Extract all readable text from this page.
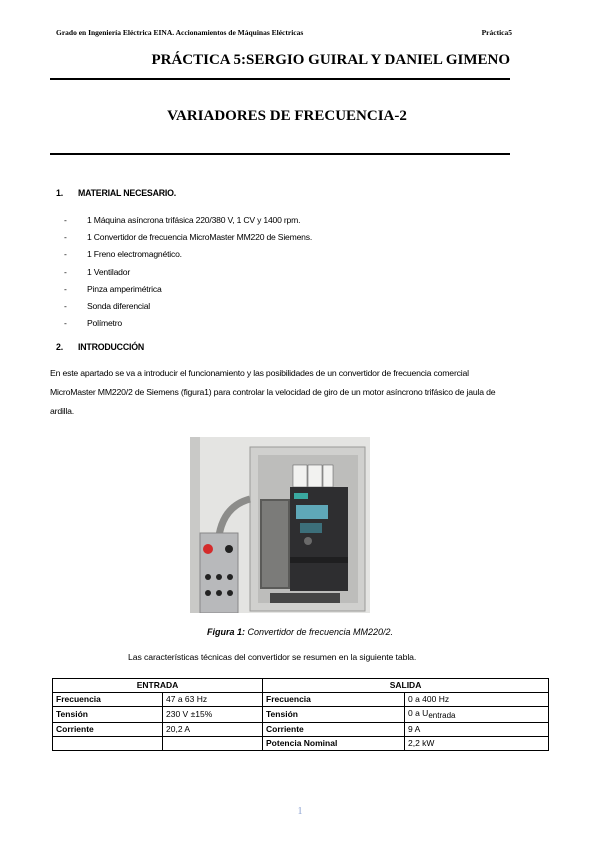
Grado en Ingeniería Eléctrica EINA. Accionamientos de Máquinas Eléctricas	Práctica5
PRÁCTICA 5:SERGIO GUIRAL Y DANIEL GIMENO
VARIADORES DE FRECUENCIA-2
1. MATERIAL NECESARIO.
- 1 Máquina asíncrona trifásica 220/380 V, 1 CV y 1400 rpm.
- 1 Convertidor de frecuencia MicroMaster MM220 de Siemens.
- 1 Freno electromagnético.
- 1 Ventilador
- Pinza amperimétrica
- Sonda diferencial
- Polímetro
2. INTRODUCCIÓN
En este apartado se va a introducir el funcionamiento y las posibilidades de un convertidor de frecuencia comercial MicroMaster MM220/2 de Siemens (figura1) para controlar la velocidad de giro de un motor asíncrono trifásico de jaula de ardilla.
Figura 1: Convertidor de frecuencia MM220/2.
Las características técnicas del convertidor se resumen en la siguiente tabla.
ENTRADA		SALIDA	
Frecuencia	47 a 63 Hz	Frecuencia	0 a 400 Hz
Tensión	230 V ±15%	Tensión	0 a Uentrada
Corriente	20,2 A	Corriente	9 A
		Potencia Nominal	2,2 kW
1
